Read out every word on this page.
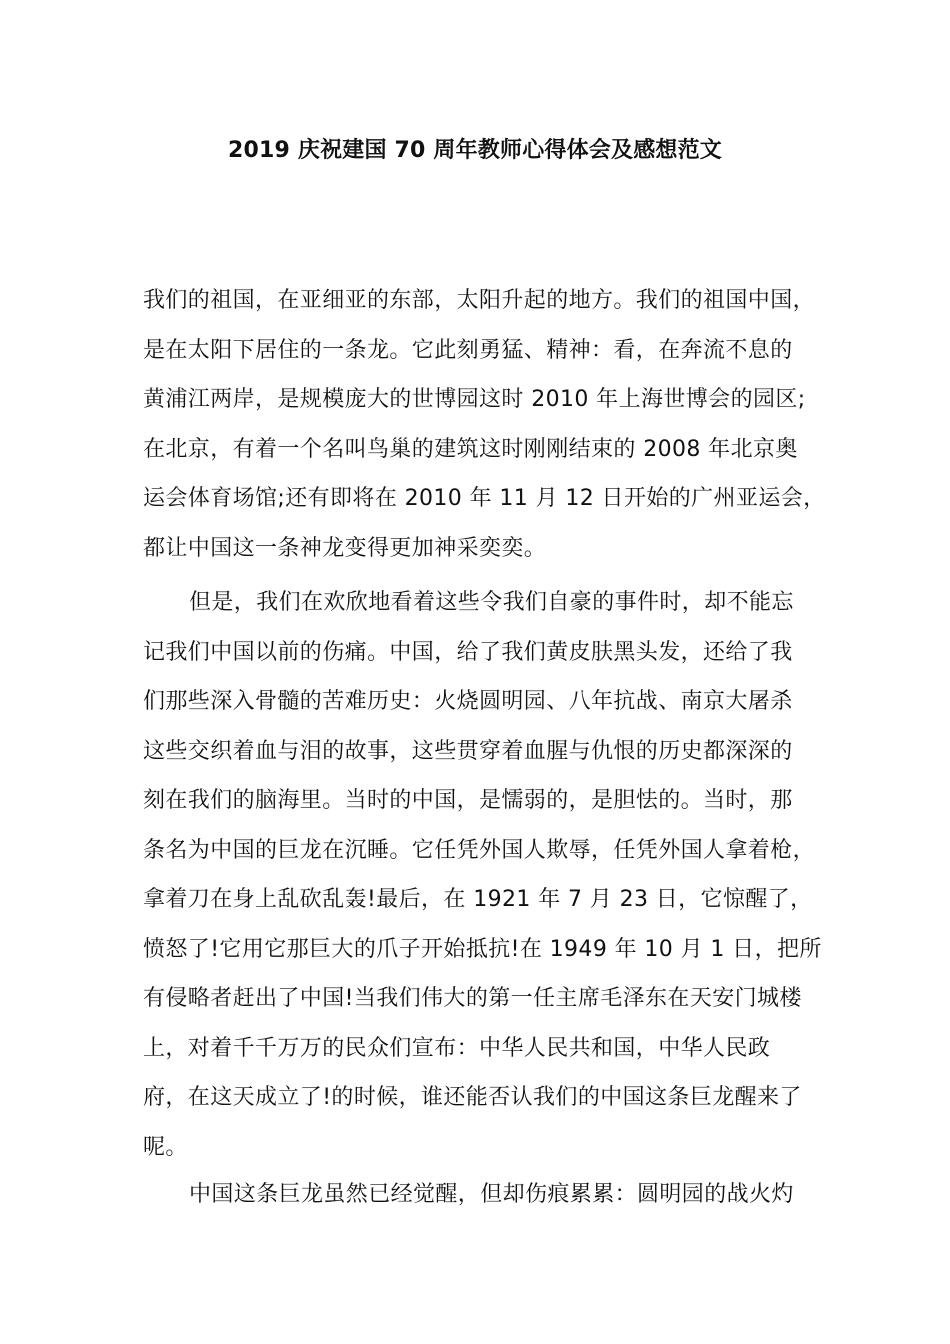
2019 庆祝建国 70 周年教师心得体会及感想范文
我们的祖国，在亚细亚的东部，太阳升起的地方。我们的祖国中国，
是在太阳下居住的一条龙。它此刻勇猛、精神：看，在奔流不息的
黄浦江两岸，是规模庞大的世博园这时 2010 年上海世博会的园区;
在北京，有着一个名叫鸟巢的建筑这时刚刚结束的 2008 年北京奥
运会体育场馆;还有即将在 2010 年 11 月 12 日开始的广州亚运会，
都让中国这一条神龙变得更加神采奕奕。
但是，我们在欢欣地看着这些令我们自豪的事件时，却不能忘
记我们中国以前的伤痛。中国，给了我们黄皮肤黑头发，还给了我
们那些深入骨髓的苦难历史：火烧圆明园、八年抗战、南京大屠杀
这些交织着血与泪的故事，这些贯穿着血腥与仇恨的历史都深深的
刻在我们的脑海里。当时的中国，是懦弱的，是胆怯的。当时，那
条名为中国的巨龙在沉睡。它任凭外国人欺辱，任凭外国人拿着枪，
拿着刀在身上乱砍乱轰!最后，在 1921 年 7 月 23 日，它惊醒了，
愤怒了!它用它那巨大的爪子开始抵抗!在 1949 年 10 月 1 日，把所
有侵略者赶出了中国!当我们伟大的第一任主席毛泽东在天安门城楼
上，对着千千万万的民众们宣布：中华人民共和国，中华人民政
府，在这天成立了!的时候，谁还能否认我们的中国这条巨龙醒来了
呢。
中国这条巨龙虽然已经觉醒，但却伤痕累累：圆明园的战火灼
